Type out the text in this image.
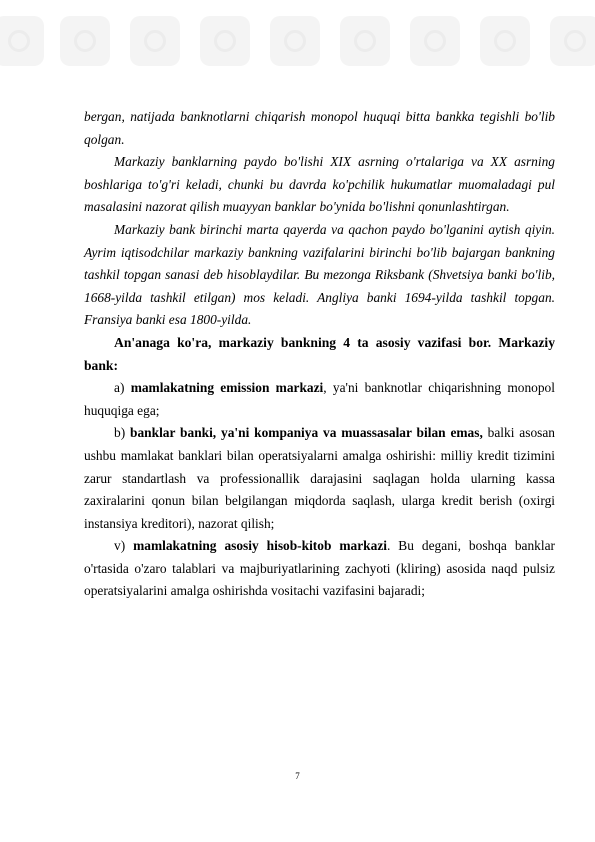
bergan, natijada banknotlarni chiqarish monopol huquqi bitta bankka tegishli bo'lib qolgan.

Markaziy banklarning paydo bo'lishi XIX asrning o'rtalariga va XX asrning boshlariga to'g'ri keladi, chunki bu davrda ko'pchilik hukumatlar muomaladagi pul masalasini nazorat qilish muayyan banklar bo'ynida bo'lishni qonunlashtirgan.

Markaziy bank birinchi marta qayerda va qachon paydo bo'lganini aytish qiyin. Ayrim iqtisodchilar markaziy bankning vazifalarini birinchi bo'lib bajargan bankning tashkil topgan sanasi deb hisoblaydilar. Bu mezonga Riksbank (Shvetsiya banki bo'lib, 1668-yilda tashkil etilgan) mos keladi. Angliya banki 1694-yilda tashkil topgan. Fransiya banki esa 1800-yilda.

An'anaga ko'ra, markaziy bankning 4 ta asosiy vazifasi bor. Markaziy bank:

a) mamlakatning emission markazi, ya'ni banknotlar chiqarishning monopol huquqiga ega;

b) banklar banki, ya'ni kompaniya va muassasalar bilan emas, balki asosan ushbu mamlakat banklari bilan operatsiyalarni amalga oshirishi: milliy kredit tizimini zarur standartlash va professionallik darajasini saqlagan holda ularning kassa zaxiralarini qonun bilan belgilangan miqdorda saqlash, ularga kredit berish (oxirgi instansiya kreditori), nazorat qilish;

v) mamlakatning asosiy hisob-kitob markazi. Bu degani, boshqa banklar o'rtasida o'zaro talablari va majburiyatlarining zachyoti (kliring) asosida naqd pulsiz operatsiyalarini amalga oshirishda vositachi vazifasini bajaradi;

7
